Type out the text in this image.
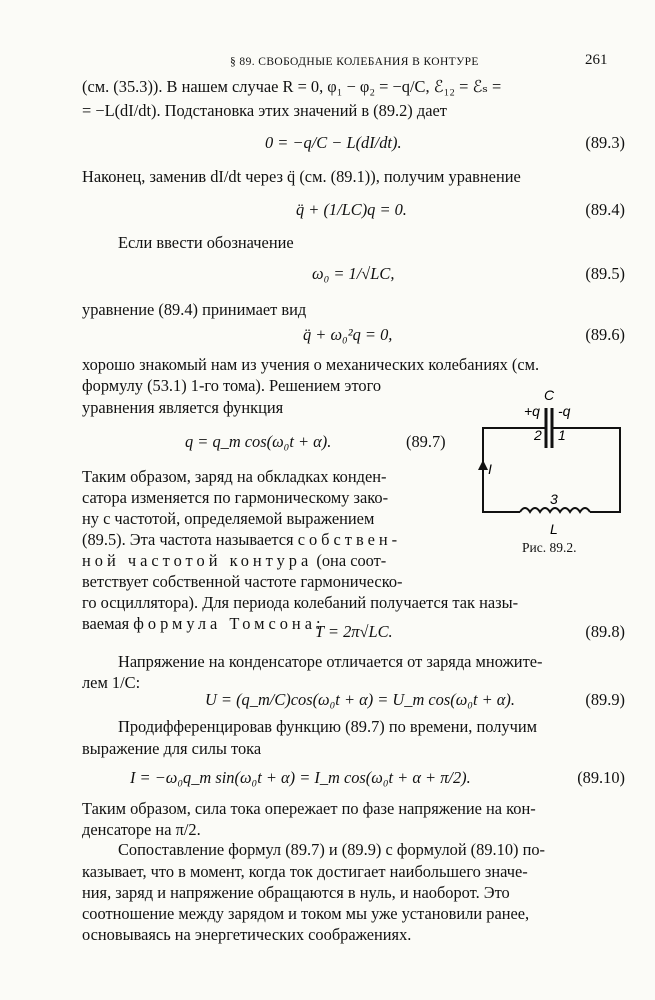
§ 89. СВОБОДНЫЕ КОЛЕБАНИЯ В КОНТУРЕ	261
(см. (35.3)). В нашем случае R = 0, φ₁ − φ₂ = −q/C, ℰ₁₂ = ℰₛ =
= −L(dI/dt). Подстановка этих значений в (89.2) дает
0 = −q/C − L(dI/dt).	(89.3)
Наконец, заменив dI/dt через q̈ (см. (89.1)), получим уравнение
q̈ + (1/LC)q = 0.	(89.4)
Если ввести обозначение
ω₀ = 1/√LC,	(89.5)
уравнение (89.4) принимает вид
q̈ + ω₀²q = 0,	(89.6)
хорошо знакомый нам из учения о механических колебаниях (см.
формулу (53.1) 1-го тома). Решением этого
уравнения является функция
q = q_m cos(ω₀t + α).	(89.7)
Таким образом, заряд на обкладках конден-
сатора изменяется по гармоническому зако-
ну с частотой, определяемой выражением
(89.5). Эта частота называется собствен-
ной частотой контура (она соот-
ветствует собственной частоте гармоническо-
го осциллятора). Для периода колебаний получается так назы-
ваемая формула Томсона:
T = 2π√LC.	(89.8)
Напряжение на конденсаторе отличается от заряда множите-
лем 1/C:
U = (q_m/C)cos(ω₀t + α) = U_m cos(ω₀t + α).	(89.9)
Продифференцировав функцию (89.7) по времени, получим
выражение для силы тока
I = −ω₀q_m sin(ω₀t + α) = I_m cos(ω₀t + α + π/2).	(89.10)
Таким образом, сила тока опережает по фазе напряжение на кон-
денсаторе на π/2.
Сопоставление формул (89.7) и (89.9) с формулой (89.10) по-
казывает, что в момент, когда ток достигает наибольшего значе-
ния, заряд и напряжение обращаются в нуль, и наоборот. Это
соотношение между зарядом и током мы уже установили ранее,
основываясь на энергетических соображениях.
C
+q -q
2 1
I
3
L
Рис. 89.2.
